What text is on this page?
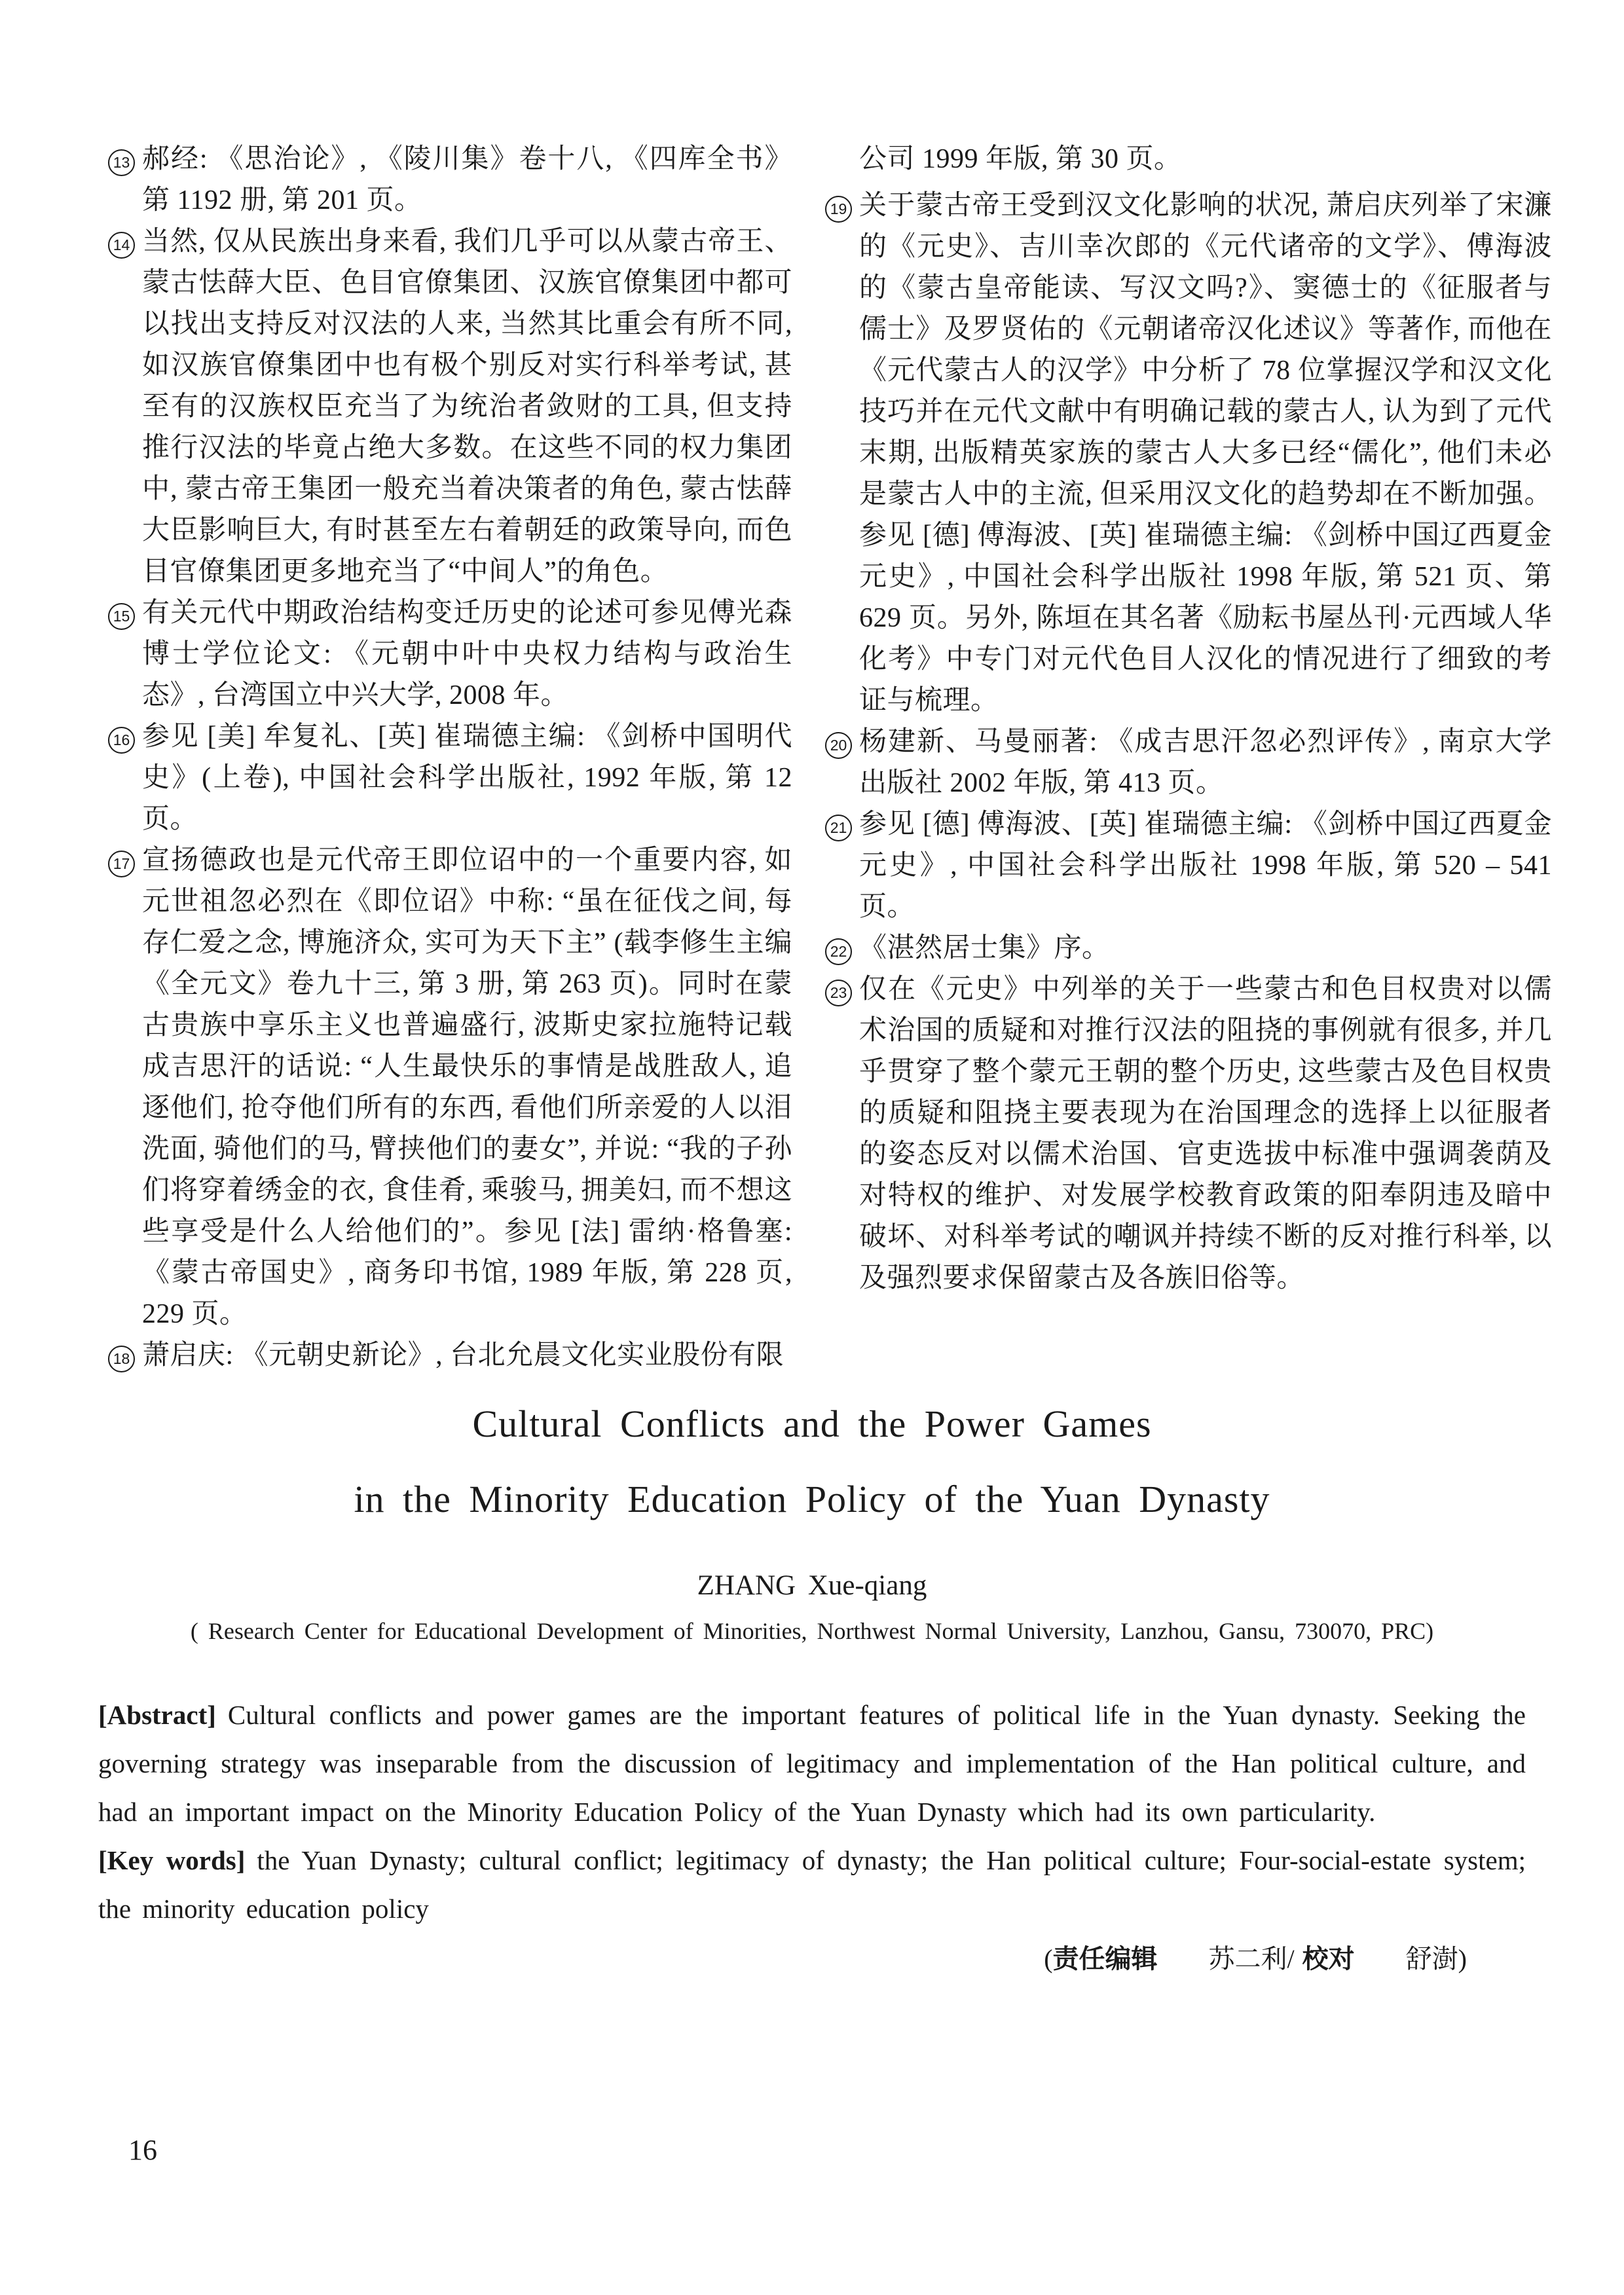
13 郝经: 《思治论》, 《陵川集》卷十八, 《四库全书》第 1192 册, 第 201 页。
14 当然, 仅从民族出身来看, 我们几乎可以从蒙古帝王、蒙古怯薛大臣、色目官僚集团、汉族官僚集团中都可以找出支持反对汉法的人来, 当然其比重会有所不同, 如汉族官僚集团中也有极个别反对实行科举考试, 甚至有的汉族权臣充当了为统治者敛财的工具, 但支持推行汉法的毕竟占绝大多数。在这些不同的权力集团中, 蒙古帝王集团一般充当着决策者的角色, 蒙古怯薛大臣影响巨大, 有时甚至左右着朝廷的政策导向, 而色目官僚集团更多地充当了“中间人”的角色。
15 有关元代中期政治结构变迁历史的论述可参见傅光森博士学位论文: 《元朝中叶中央权力结构与政治生态》, 台湾国立中兴大学, 2008 年。
16 参见 [美] 牟复礼、[英] 崔瑞德主编: 《剑桥中国明代史》(上卷), 中国社会科学出版社, 1992 年版, 第 12 页。
17 宣扬德政也是元代帝王即位诏中的一个重要内容, 如元世祖忽必烈在《即位诏》中称: “虽在征伐之间, 每存仁爱之念, 博施济众, 实可为天下主” (载李修生主编《全元文》卷九十三, 第 3 册, 第 263 页)。同时在蒙古贵族中享乐主义也普遍盛行, 波斯史家拉施特记载成吉思汗的话说: “人生最快乐的事情是战胜敌人, 追逐他们, 抢夺他们所有的东西, 看他们所亲爱的人以泪洗面, 骑他们的马, 臂挟他们的妻女”, 并说: “我的子孙们将穿着绣金的衣, 食佳肴, 乘骏马, 拥美妇, 而不想这些享受是什么人给他们的”。参见 [法] 雷纳·格鲁塞: 《蒙古帝国史》, 商务印书馆, 1989 年版, 第 228 页, 229 页。
18 萧启庆: 《元朝史新论》, 台北允晨文化实业股份有限
公司 1999 年版, 第 30 页。
19 关于蒙古帝王受到汉文化影响的状况, 萧启庆列举了宋濂的《元史》、吉川幸次郎的《元代诸帝的文学》、傅海波的《蒙古皇帝能读、写汉文吗?》、窦德士的《征服者与儒士》及罗贤佑的《元朝诸帝汉化述议》等著作, 而他在《元代蒙古人的汉学》中分析了 78 位掌握汉学和汉文化技巧并在元代文献中有明确记载的蒙古人, 认为到了元代末期, 出版精英家族的蒙古人大多已经“儒化”, 他们未必是蒙古人中的主流, 但采用汉文化的趋势却在不断加强。参见 [德] 傅海波、[英] 崔瑞德主编: 《剑桥中国辽西夏金元史》, 中国社会科学出版社 1998 年版, 第 521 页、第 629 页。另外, 陈垣在其名著《励耘书屋丛刊·元西域人华化考》中专门对元代色目人汉化的情况进行了细致的考证与梳理。
20 杨建新、马曼丽著: 《成吉思汗忽必烈评传》, 南京大学出版社 2002 年版, 第 413 页。
21 参见 [德] 傅海波、[英] 崔瑞德主编: 《剑桥中国辽西夏金元史》, 中国社会科学出版社 1998 年版, 第 520 – 541 页。
22 《湛然居士集》序。
23 仅在《元史》中列举的关于一些蒙古和色目权贵对以儒术治国的质疑和对推行汉法的阻挠的事例就有很多, 并几乎贯穿了整个蒙元王朝的整个历史, 这些蒙古及色目权贵的质疑和阻挠主要表现为在治国理念的选择上以征服者的姿态反对以儒术治国、官吏选拔中标准中强调袭荫及对特权的维护、对发展学校教育政策的阳奉阴违及暗中破坏、对科举考试的嘲讽并持续不断的反对推行科举, 以及强烈要求保留蒙古及各族旧俗等。
Cultural Conflicts and the Power Games
in the Minority Education Policy of the Yuan Dynasty
ZHANG Xue-qiang
( Research Center for Educational Development of Minorities, Northwest Normal University, Lanzhou, Gansu, 730070, PRC)

[Abstract] Cultural conflicts and power games are the important features of political life in the Yuan dynasty. Seeking the governing strategy was inseparable from the discussion of legitimacy and implementation of the Han political culture, and had an important impact on the Minority Education Policy of the Yuan Dynasty which had its own particularity.

[Key words] the Yuan Dynasty; cultural conflict; legitimacy of dynasty; the Han political culture; Four-social-estate system; the minority education policy

(责任编辑 苏二利/ 校对 舒澍)
16
